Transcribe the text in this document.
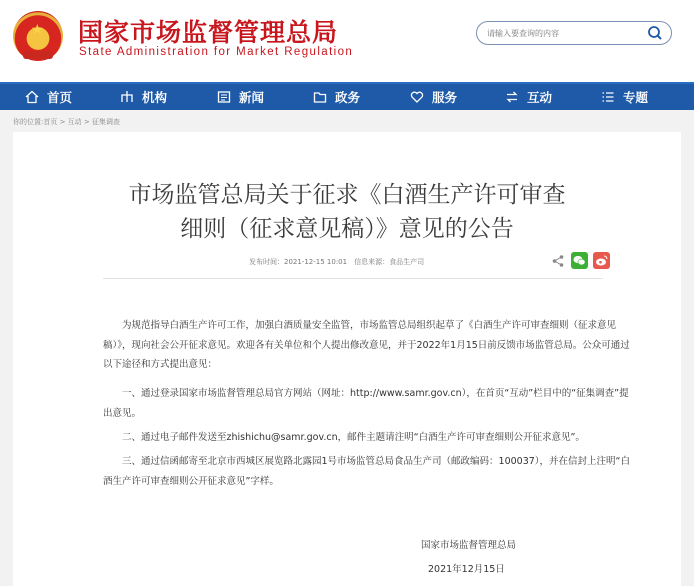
★ 国家市场监督管理总局
State Administration for Market Regulation
请输入要查询的内容
首页	机构	新闻	政务	服务	互动	专题
你的位置:首页 > 互动 > 征集调查
市场监管总局关于征求《白酒生产许可审查
细则（征求意见稿）》意见的公告
发布时间：2021-12-15 10:01　信息来源：食品生产司

为规范指导白酒生产许可工作，加强白酒质量安全监管，市场监管总局组织起草了《白酒生产许可审查细则（征求意见稿）》，现向社会公开征求意见。欢迎各有关单位和个人提出修改意见，并于2022年1月15日前反馈市场监管总局。公众可通过以下途径和方式提出意见：

一、通过登录国家市场监督管理总局官方网站（网址：http://www.samr.gov.cn），在首页“互动”栏目中的“征集调查”提出意见。

二、通过电子邮件发送至zhishichu@samr.gov.cn，邮件主题请注明“白酒生产许可审查细则公开征求意见”。

三、通过信函邮寄至北京市西城区展览路北露园1号市场监管总局食品生产司（邮政编码：100037），并在信封上注明“白酒生产许可审查细则公开征求意见”字样。

国家市场监督管理总局
2021年12月15日
